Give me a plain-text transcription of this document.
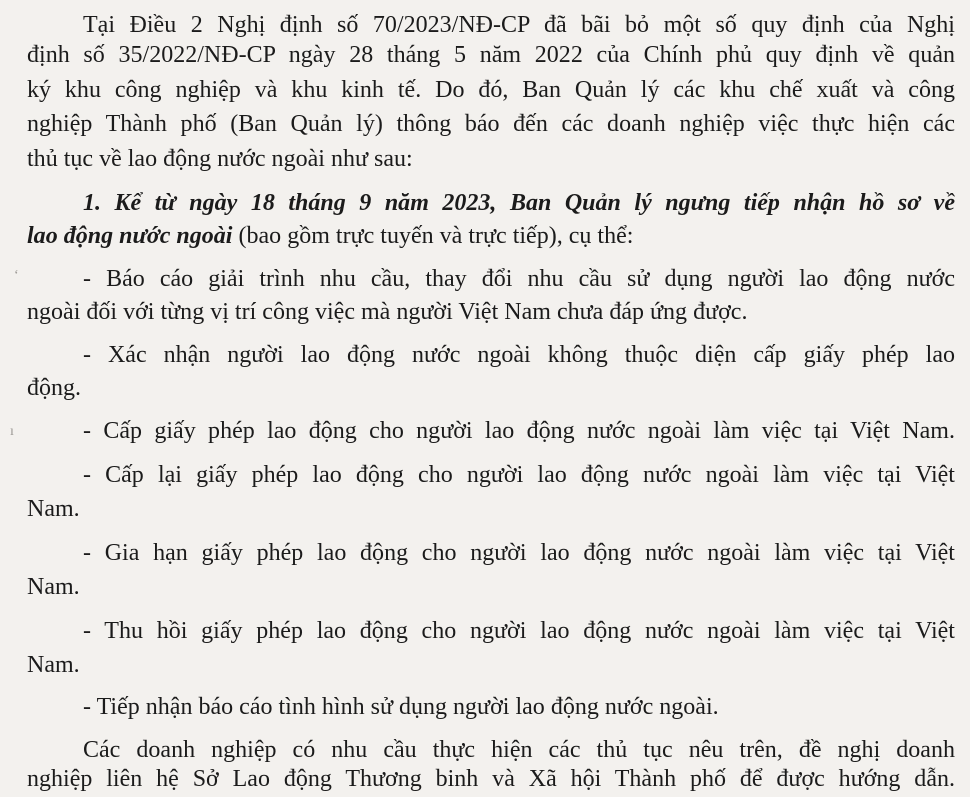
‘
ı
Tại Điều 2 Nghị định số 70/2023/NĐ-CP đã bãi bỏ một số quy định của Nghị
định số 35/2022/NĐ-CP ngày 28 tháng 5 năm 2022 của Chính phủ quy định về quản
ký khu công nghiệp và khu kinh tế. Do đó, Ban Quản lý các khu chế xuất và công
nghiệp Thành phố (Ban Quản lý) thông báo đến các doanh nghiệp việc thực hiện các
thủ tục về lao động nước ngoài như sau:
1. Kể từ ngày 18 tháng 9 năm 2023, Ban Quản lý ngưng tiếp nhận hồ sơ về
lao động nước ngoài (bao gồm trực tuyến và trực tiếp), cụ thể:
- Báo cáo giải trình nhu cầu, thay đổi nhu cầu sử dụng người lao động nước
ngoài đối với từng vị trí công việc mà người Việt Nam chưa đáp ứng được.
- Xác nhận người lao động nước ngoài không thuộc diện cấp giấy phép lao
động.
- Cấp giấy phép lao động cho người lao động nước ngoài làm việc tại Việt Nam.
- Cấp lại giấy phép lao động cho người lao động nước ngoài làm việc tại Việt
Nam.
- Gia hạn giấy phép lao động cho người lao động nước ngoài làm việc tại Việt
Nam.
- Thu hồi giấy phép lao động cho người lao động nước ngoài làm việc tại Việt
Nam.
- Tiếp nhận báo cáo tình hình sử dụng người lao động nước ngoài.
Các doanh nghiệp có nhu cầu thực hiện các thủ tục nêu trên, đề nghị doanh
nghiệp liên hệ Sở Lao động Thương binh và Xã hội Thành phố để được hướng dẫn.
